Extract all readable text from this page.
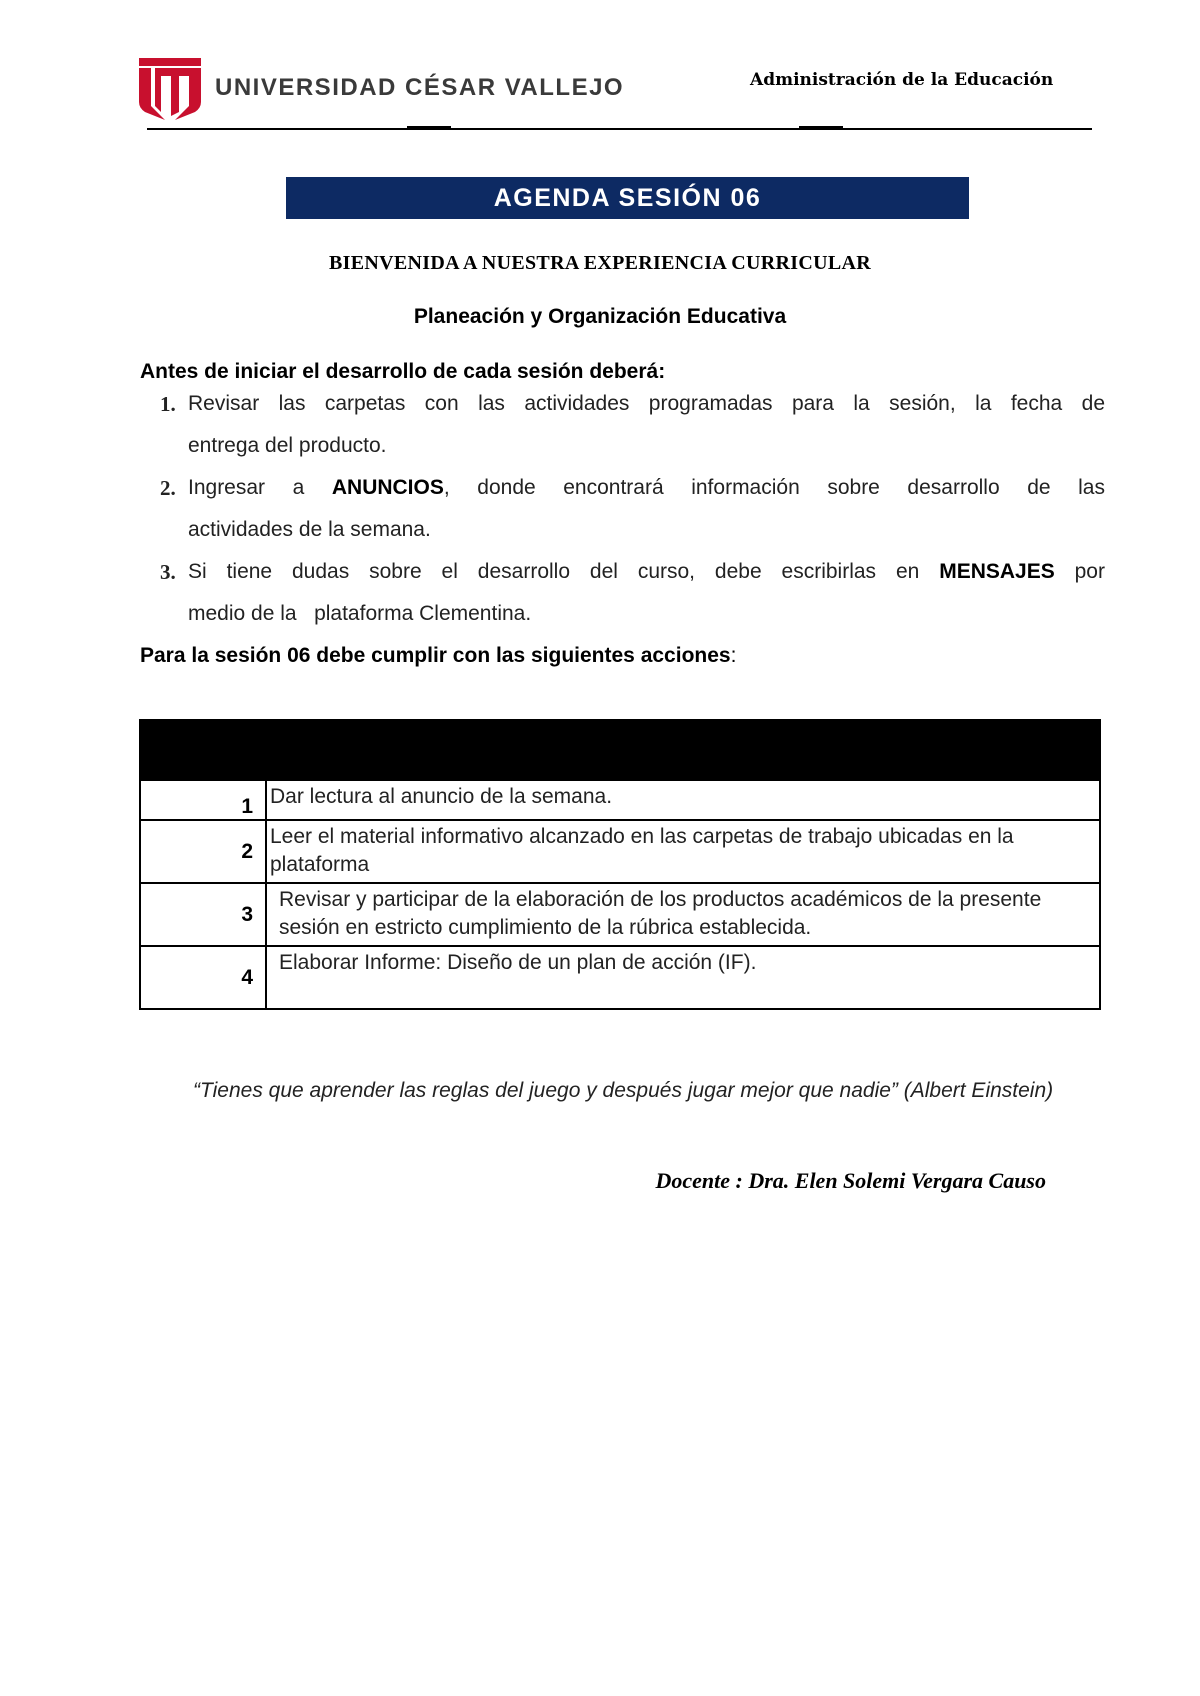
UNIVERSIDAD CÉSAR VALLEJO	Administración de la Educación
AGENDA SESIÓN 06
BIENVENIDA A NUESTRA EXPERIENCIA CURRICULAR
Planeación y Organización Educativa
Antes de iniciar el desarrollo de cada sesión deberá:
1. Revisar las carpetas con las actividades programadas para la sesión, la fecha de
entrega del producto.
2. Ingresar a ANUNCIOS, donde encontrará información sobre desarrollo de las
actividades de la semana.
3. Si tiene dudas sobre el desarrollo del curso, debe escribirlas en MENSAJES por
medio de la   plataforma Clementina.
Para la sesión 06 debe cumplir con las siguientes acciones:

1	Dar lectura al anuncio de la semana.
2	Leer el material informativo alcanzado en las carpetas de trabajo ubicadas en la plataforma
3	Revisar y participar de la elaboración de los productos académicos de la presente sesión en estricto cumplimiento de la rúbrica establecida.
4	Elaborar Informe: Diseño de un plan de acción (IF).
“Tienes que aprender las reglas del juego y después jugar mejor que nadie” (Albert Einstein)
Docente : Dra. Elen Solemi Vergara Causo
